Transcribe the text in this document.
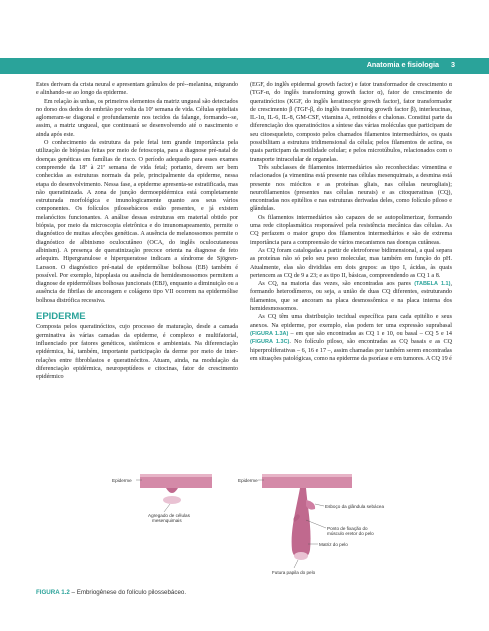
Anatomia e fisiologia 3

Estes derivam da crista neural e apresentam grânulos de pré--melanina, migrando e alinhando-se ao longo da epiderme.

Em relação às unhas, os primeiros elementos da matriz ungueal são detectados no dorso dos dedos do embrião por volta da 10ª semana de vida. Células epiteliais aglomeram-se diagonal e profundamente nos tecidos da falange, formando--se, assim, a matriz ungueal, que continuará se desenvolvendo até o nascimento e ainda após este.

O conhecimento da estrutura da pele fetal tem grande importância pela utilização de biópsias feitas por meio de fetoscopia, para a diagnose pré-natal de doenças genéticas em famílias de risco. O período adequado para esses exames compreende da 18ª à 21ª semana de vida fetal; portanto, devem ser bem conhecidas as estruturas normais da pele, principalmente da epiderme, nessa etapa do desenvolvimento. Nessa fase, a epiderme apresenta-se estratificada, mas não queratinizada. A zona de junção dermoepidérmica está completamente estruturada morfológica e imunologicamente quanto aos seus vários componentes. Os folículos pilossebáceos estão presentes, e já existem melanócitos funcionantes. A análise dessas estruturas em material obtido por biópsia, por meio da microscopia eletrônica e do imunomapeamento, permite o diagnóstico de muitas afecções genéticas. A ausência de melanossomos permite o diagnóstico de albinismo oculocutâneo (OCA, do inglês oculocutaneous albinism). A presença de queratinização precoce orienta na diagnose de feto arlequim. Hipergranulose e hiperqueratose indicam a síndrome de Sjögren-Larsson. O diagnóstico pré-natal de epidermólise bolhosa (EB) também é possível. Por exemplo, hipoplasia ou ausência de hemidesmossomos permitem a diagnose de epidermólises bolhosas juncionais (EBJ), enquanto a diminuição ou a ausência de fibrilas de ancoragem e colágeno tipo VII ocorrem na epidermólise bolhosa distrófica recessiva.

EPIDERME

Composta pelos queratinócitos, cujo processo de maturação, desde a camada germinativa às várias camadas da epiderme, é complexo e multifatorial, influenciado por fatores genéticos, sistêmicos e ambientais. Na diferenciação epidérmica, há, também, importante participação da derme por meio de inter-relações entre fibroblastos e queratinócitos. Atuam, ainda, na modulação da diferenciação epidérmica, neuropeptídeos e citocinas, fator de crescimento epidérmico

(EGF, do inglês epidermal growth factor) e fator transformador de crescimento α (TGF-α, do inglês transforming growth factor α), fator de crescimento de queratinócitos (KGF, do inglês keratinocyte growth factor), fator transformador de crescimento β (TGF-β, do inglês transforming growth factor β), interleucinas, IL-1α, IL-6, IL-8, GM-CSF, vitamina A, retinoides e chalonas. Constitui parte da diferenciação dos queratinócitos a síntese das várias moléculas que participam de seu citoesqueleto, composto pelos chamados filamentos intermediários, os quais possibilitam a estrutura tridimensional da célula; pelos filamentos de actina, os quais participam da motilidade celular; e pelos microtúbulos, relacionados com o transporte intracelular de organelas.

Três subclasses de filamentos intermediários são reconhecidas: vimentina e relacionados (a vimentina está presente nas células mesenquimais, a desmina está presente nos miócitos e as proteínas gliais, nas células neurogliais); neurofilamentos (presentes nas células neurais) e as citoqueratinas (CQ), encontradas nos epitélios e nas estruturas derivadas deles, como folículo piloso e glândulas.

Os filamentos intermediários são capazes de se autopolimerizar, formando uma rede citoplasmática responsável pela resistência mecânica das células. As CQ perfazem o maior grupo dos filamentos intermediários e são de extrema importância para a compreensão de vários mecanismos nas doenças cutâneas.

As CQ foram catalogadas a partir de eletroforese bidimensional, a qual separa as proteínas não só pelo seu peso molecular, mas também em função do pH. Atualmente, elas são divididas em dois grupos: as tipo I, ácidas, às quais pertencem as CQ de 9 a 23; e as tipo II, básicas, compreendendo as CQ 1 a 8.

As CQ, na maioria das vezes, são encontradas aos pares (TABELA 1.1), formando heterodímeros, ou seja, a união de duas CQ diferentes, estruturando filamentos, que se ancoram na placa desmossômica e na placa interna dos hemidesmossomos.

As CQ têm uma distribuição tecidual específica para cada epitélio e seus anexos. Na epiderme, por exemplo, elas podem ter uma expressão suprabasal (FIGURA 1.3A) – em que são encontradas as CQ 1 e 10, ou basal – CQ 5 e 14 (FIGURA 1.3C). No folículo piloso, são encontradas as CQ basais e as CQ hiperproliferativas – 6, 16 e 17 –, assim chamadas por também serem encontradas em situações patológicas, como na epiderme da psoríase e em tumores. A CQ 19 é

Epiderme
Agregado de células mesenquimais
Epiderme
Esboço da glândula sebácea
Ponto de fixação do músculo eretor do pelo
Matriz do pelo
Futura papila do pelo
FIGURA 1.2 – Embriogênese do folículo pilossebáceo.
